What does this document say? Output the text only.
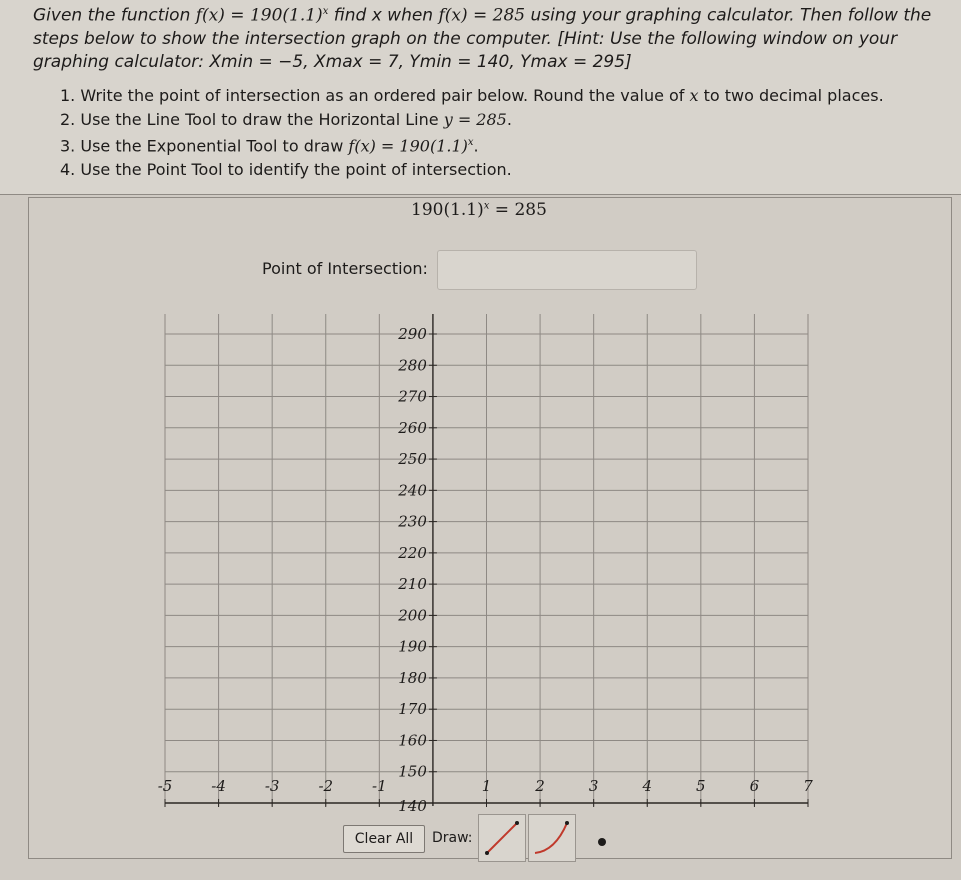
Given the function $f(x) = 190(1.1)^x$ find x when f(x) = 285 using your graphing calculator. Then follow the steps below to show the intersection graph on the computer. [Hint: Use the following window on your graphing calculator: Xmin = −5, Xmax = 7, Ymin = 140, Ymax = 295]
1. Write the point of intersection as an ordered pair below. Round the value of x to two decimal places.
2. Use the Line Tool to draw the Horizontal Line y = 285.
3. Use the Exponential Tool to draw $f(x) = 190(1.1)^x$.
4. Use the Point Tool to identify the point of intersection.
$190(1.1)^x = 285$
Point of Intersection:
-5	-4	-3	-2	-1	1	2	3	4	5	6	7
140
150
160
170
180
190
200
210
220
230
240
250
260
270
280
290
Clear All	Draw:
